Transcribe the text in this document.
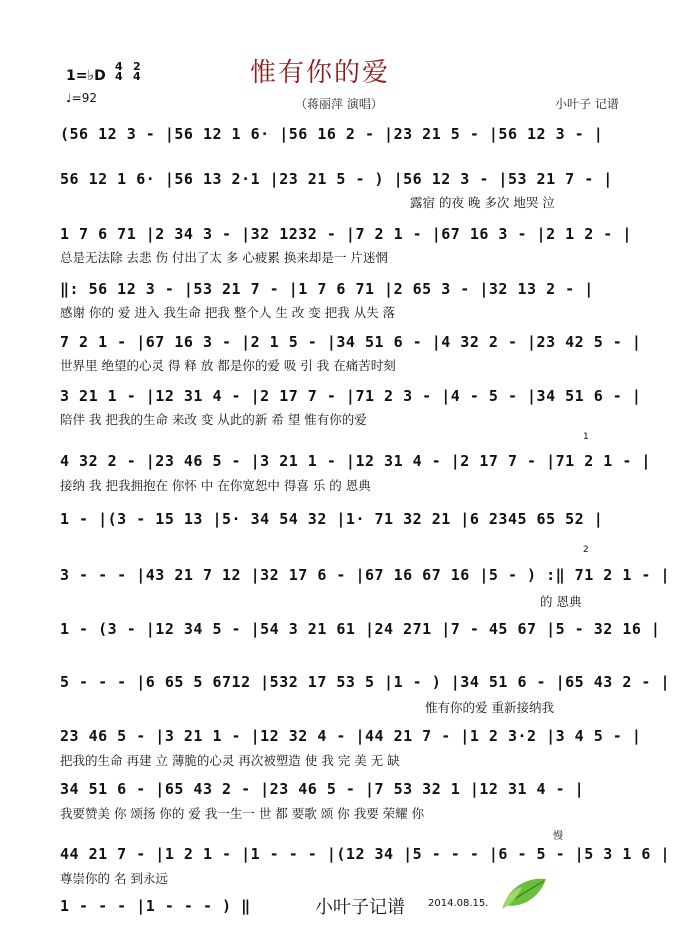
惟有你的爱
（蒋丽萍 演唱）	小叶子 记谱
1=♭D
4
4
2
4
♩=92
(56 12 3 - |56 12 1 6· |56 16 2 - |23 21 5 - |56 12 3 - |
56 12 1 6· |56 13 2·1 |23 21 5 - ) |56 12 3 - |53 21 7 - |
露宿 的夜 晚 多次 地哭 泣
1 7 6 71 |2 34 3 - |32 1232 - |7 2 1 - |67 16 3 - |2 1 2 - |
总是无法除 去悲 伤 付出了太 多 心疲累 换来却是一 片迷惘
‖: 56 12 3 - |53 21 7 - |1 7 6 71 |2 65 3 - |32 13 2 - |
感谢 你的 爱 进入 我生命 把我 整个人 生 改 变 把我 从失 落
7 2 1 - |67 16 3 - |2 1 5 - |34 51 6 - |4 32 2 - |23 42 5 - |
世界里 绝望的心灵 得 释 放 都是你的爱 吸 引 我 在痛苦时刻
3 21 1 - |12 31 4 - |2 17 7 - |71 2 3 - |4 - 5 - |34 51 6 - |
陪伴 我 把我的生命 来改 变 从此的新 希 望 惟有你的爱
1
4 32 2 - |23 46 5 - |3 21 1 - |12 31 4 - |2 17 7 - |71 2 1 - |
接纳 我 把我拥抱在 你怀 中 在你宽恕中 得喜 乐 的 恩典
1 - |(3 - 15 13 |5· 34 54 32 |1· 71 32 21 |6 2345 65 52 |
2
3 - - - |43 21 7 12 |32 17 6 - |67 16 67 16 |5 - ) :‖ 71 2 1 - |
的 恩典
1 - (3 - |12 34 5 - |54 3 21 61 |24 271 |7 - 45 67 |5 - 32 16 |
5 - - - |6 65 5 6712 |532 17 53 5 |1 - ) |34 51 6 - |65 43 2 - |
惟有你的爱 重新接纳我
23 46 5 - |3 21 1 - |12 32 4 - |44 21 7 - |1 2 3·2 |3 4 5 - |
把我的生命 再建 立 薄脆的心灵 再次被塑造 使 我 完 美 无 缺
34 51 6 - |65 43 2 - |23 46 5 - |7 53 32 1 |12 31 4 - |
我要赞美 你 颂扬 你的 爱 我一生一 世 都 要歌 颂 你 我要 荣耀 你
慢
44 21 7 - |1 2 1 - |1 - - - |(12 34 |5 - - - |6 - 5 - |5 3 1 6 |
尊崇你的 名 到永远
1 - - - |1 - - - ) ‖	小叶子记谱 2014.08.15.
